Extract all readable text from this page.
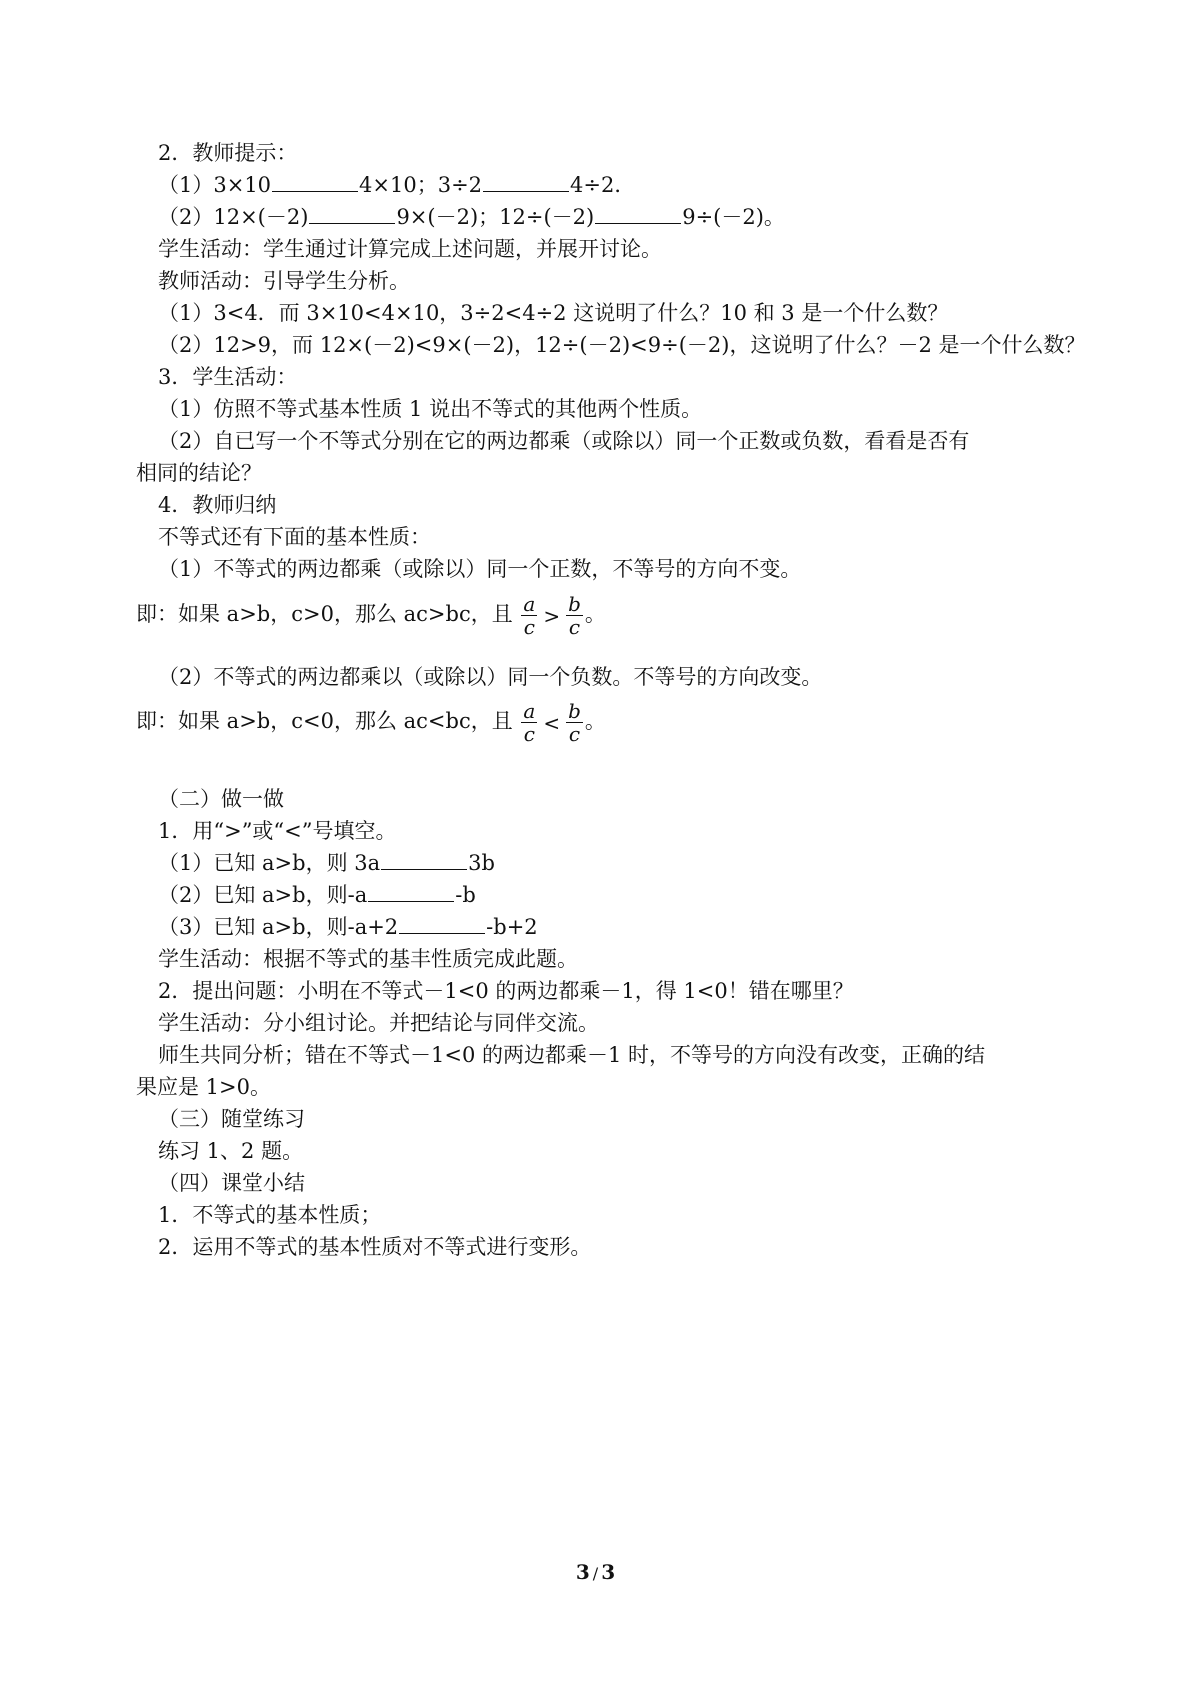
2．教师提示：
（1）3×10	4×10；3÷2	4÷2．
（2）12×(－2)	9×(－2)；12÷(－2)	9÷(－2)。
学生活动：学生通过计算完成上述问题，并展开讨论。
教师活动：引导学生分析。
（1）3<4．而 3×10<4×10，3÷2<4÷2 这说明了什么？10 和 3 是一个什么数？
（2）12>9，而 12×(－2)<9×(－2)，12÷(－2)<9÷(－2)，这说明了什么？－2 是一个什么数？
3．学生活动：
（1）仿照不等式基本性质 1 说出不等式的其他两个性质。
（2）自已写一个不等式分别在它的两边都乘（或除以）同一个正数或负数，看看是否有
相同的结论？
4．教师归纳
不等式还有下面的基本性质：
（1）不等式的两边都乘（或除以）同一个正数，不等号的方向不变。
即：如果 a>b，c>0，那么 ac>bc，且 $\frac{a}{c} > \frac{b}{c}$ 。
（2）不等式的两边都乘以（或除以）同一个负数。不等号的方向改变。
即：如果 a>b，c<0，那么 ac<bc，且 $\frac{a}{c} < \frac{b}{c}$ 。
（二）做一做
1．用“>”或“<”号填空。
（1）已知 a>b，则 3a	3b
（2）巳知 a>b，则-a	-b
（3）已知 a>b，则-a+2	-b+2
学生活动：根据不等式的基丰性质完成此题。
2．提出问题：小明在不等式－1<0 的两边都乘－1，得 1<0！错在哪里？
学生活动：分小组讨论。并把结论与同伴交流。
师生共同分析；错在不等式－1<0 的两边都乘－1 时，不等号的方向没有改变，正确的结
果应是 1>0。
（三）随堂练习
练习 1、2 题。
（四）课堂小结
1．不等式的基本性质；
2．运用不等式的基本性质对不等式进行变形。
3 / 3
